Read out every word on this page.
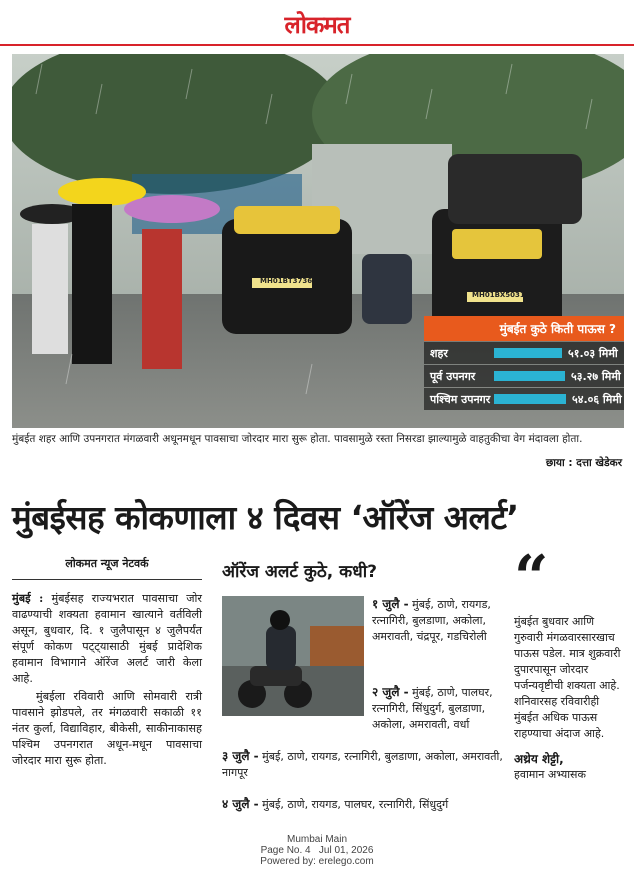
लोकमत
MH01BT3736
MH01BX5031
मुंबईत कुठे किती पाऊस ?
शहर	५१.०३ मिमी
पूर्व उपनगर	५३.२७ मिमी
पश्चिम उपनगर	५४.०६ मिमी

मुंबईत शहर आणि उपनगरात मंगळवारी अधूनमधून पावसाचा जोरदार मारा सुरू होता. पावसामुळे रस्ता निसरडा झाल्यामुळे वाहतुकीचा वेग मंदावला होता.

छाया : दत्ता खेडेकर
मुंबईसह कोकणाला ४ दिवस ‘ऑरेंज अलर्ट’
लोकमत न्यूज नेटवर्क

मुंबई : मुंबईसह राज्यभरात पावसाचा जोर वाढण्याची शक्यता हवामान खात्याने वर्तविली असून, बुधवार, दि. १ जुलैपासून ४ जुलैपर्यंत संपूर्ण कोकण पट्ट्यासाठी मुंबई प्रादेशिक हवामान विभागाने ऑरेंज अलर्ट जारी केला आहे.

मुंबईला रविवारी आणि सोमवारी रात्री पावसाने झोडपले, तर मंगळवारी सकाळी ११ नंतर कुर्ला, विद्याविहार, बीकेसी, साकीनाकासह पश्चिम उपनगरात अधून-मधून पावसाचा जोरदार मारा सुरू होता.

ऑरेंज अलर्ट कुठे, कधी?
१ जुलै - मुंबई, ठाणे, रायगड, रत्नागिरी, बुलडाणा, अकोला, अमरावती, चंद्रपूर, गडचिरोली
२ जुलै - मुंबई, ठाणे, पालघर, रत्नागिरी, सिंधुदुर्ग, बुलडाणा, अकोला, अमरावती, वर्धा
३ जुलै - मुंबई, ठाणे, रायगड, रत्नागिरी, बुलडाणा, अकोला, अमरावती, नागपूर
४ जुलै - मुंबई, ठाणे, रायगड, पालघर, रत्नागिरी, सिंधुदुर्ग
“

मुंबईत बुधवार आणि गुरुवारी मंगळवारसारखाच पाऊस पडेल. मात्र शुक्रवारी दुपारपासून जोरदार पर्जन्यवृष्टीची शक्यता आहे. शनिवारसह रविवारीही मुंबईत अधिक पाऊस राहण्याचा अंदाज आहे.

अथ्रेय शेट्टी,
हवामान अभ्यासक
Mumbai Main
Page No. 4   Jul 01, 2026
Powered by: erelego.com
